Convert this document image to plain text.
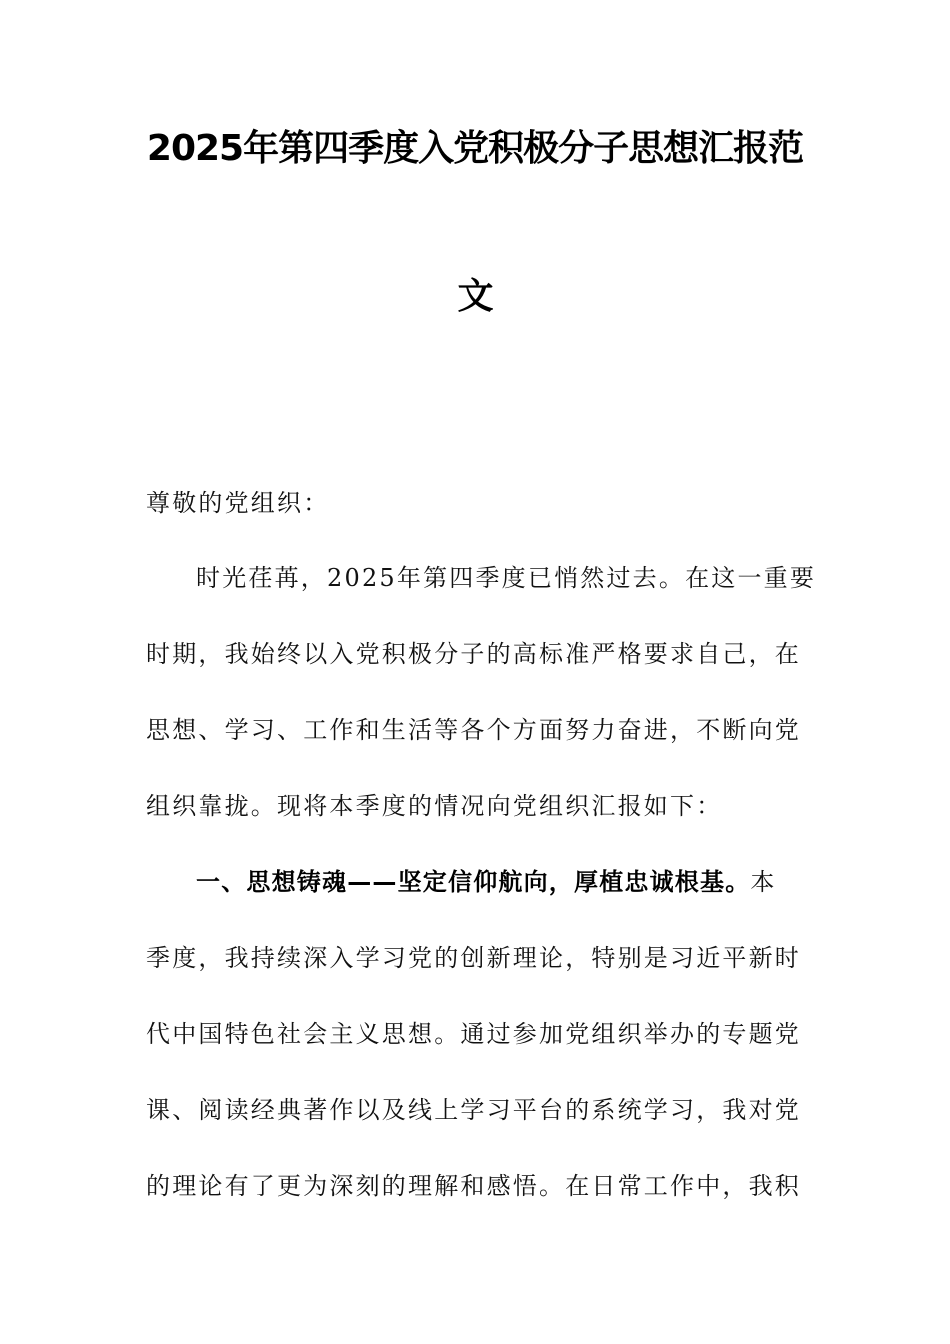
2025年第四季度入党积极分子思想汇报范
文
尊敬的党组织：
时光荏苒，2025年第四季度已悄然过去。在这一重要
时期，我始终以入党积极分子的高标准严格要求自己，在
思想、学习、工作和生活等各个方面努力奋进，不断向党
组织靠拢。现将本季度的情况向党组织汇报如下：
一、思想铸魂——坚定信仰航向，厚植忠诚根基。本
季度，我持续深入学习党的创新理论，特别是习近平新时
代中国特色社会主义思想。通过参加党组织举办的专题党
课、阅读经典著作以及线上学习平台的系统学习，我对党
的理论有了更为深刻的理解和感悟。在日常工作中，我积
